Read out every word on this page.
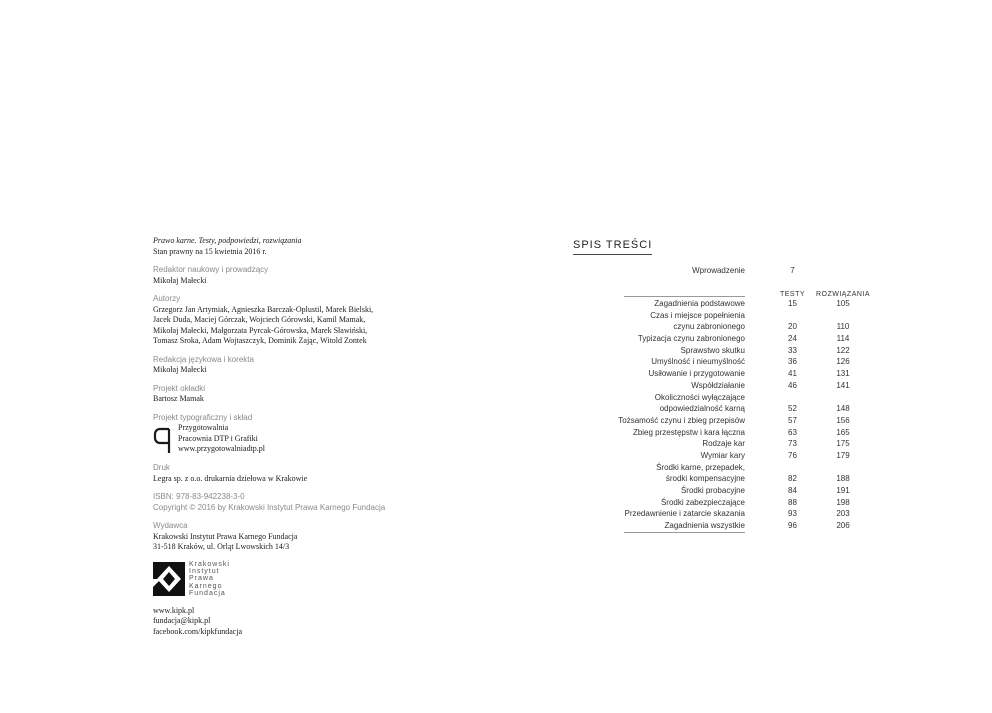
Prawo karne. Testy, podpowiedzi, rozwiązania
Stan prawny na 15 kwietnia 2016 r.
Redaktor naukowy i prowadzący
Mikołaj Małecki
Autorzy
Grzegorz Jan Artymiak, Agnieszka Barczak-Oplustil, Marek Bielski,
Jacek Duda, Maciej Górczak, Wojciech Górowski, Kamil Mamak,
Mikołaj Małecki, Małgorzata Pyrcak-Górowska, Marek Sławiński,
Tomasz Sroka, Adam Wojtaszczyk, Dominik Zając, Witold Zontek
Redakcja językowa i korekta
Mikołaj Małecki
Projekt okładki
Bartosz Mamak
Projekt typograficzny i skład
Przygotowalnia
Pracownia DTP i Grafiki
www.przygotowalniadtp.pl
Druk
Legra sp. z o.o. drukarnia dziełowa w Krakowie
ISBN: 978-83-942238-3-0
Copyright © 2016 by Krakowski Instytut Prawa Karnego Fundacja
Wydawca
Krakowski Instytut Prawa Karnego Fundacja
31-518 Kraków, ul. Orląt Lwowskich 14/3
Krakowski
Instytut
Prawa
Karnego
Fundacja
www.kipk.pl
fundacja@kipk.pl
facebook.com/kipkfundacja
SPIS TREŚCI
Wprowadzenie	7
TESTY	ROZWIĄZANIA
Zagadnienia podstawowe	15	105
Czas i miejsce popełnienia
czynu zabronionego	20	110
Typizacja czynu zabronionego	24	114
Sprawstwo skutku	33	122
Umyślność i nieumyślność	36	126
Usiłowanie i przygotowanie	41	131
Współdziałanie	46	141
Okoliczności wyłączające
odpowiedzialność karną	52	148
Tożsamość czynu i zbieg przepisów	57	156
Zbieg przestępstw i kara łączna	63	165
Rodzaje kar	73	175
Wymiar kary	76	179
Środki karne, przepadek,
środki kompensacyjne	82	188
Środki probacyjne	84	191
Środki zabezpieczające	88	198
Przedawnienie i zatarcie skazania	93	203
Zagadnienia wszystkie	96	206
